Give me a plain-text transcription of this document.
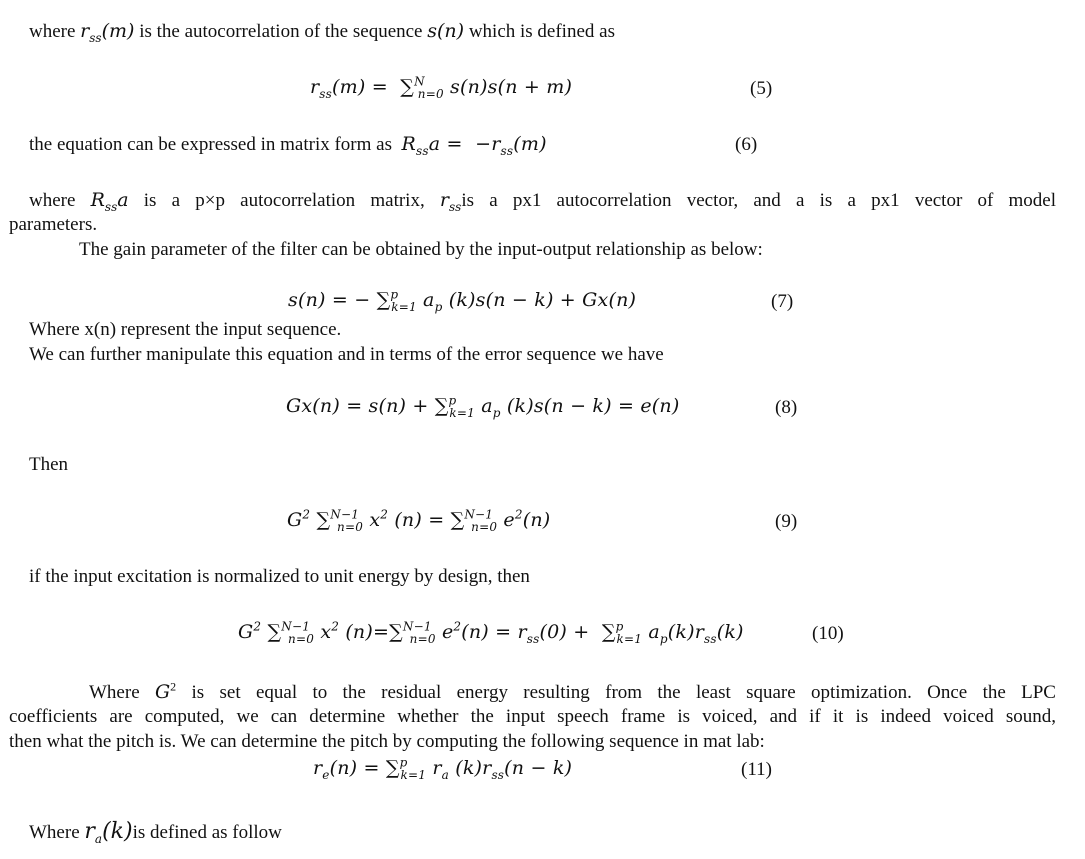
where $r_{ss}(m)$ is the autocorrelation of the sequence s(n) which is defined as
$r_{ss}(m) = \sum^N_{n=0}$ s(n)s(n + m)	(5)
the equation can be expressed in matrix form as $R_{ss}a = -r_{ss}(m)$	(6)
where $R_{ss}a$ is a p×p autocorrelation matrix, $r_{ss}is$ a px1 autocorrelation vector, and a is a px1 vector of model
parameters.
The gain parameter of the filter can be obtained by the input-output relationship as below:
s(n) = − ∑$^p_{k=1}$ $a_p$ (k)s(n − k) + Gx(n)	(7)
Where x(n) represent the input sequence.
We can further manipulate this equation and in terms of the error sequence we have
Gx(n) = s(n) + ∑$^p_{k=1}$ $a_p$ (k)s(n − k) = e(n)	(8)
Then
$G^2$ ∑$^{N-1}_{n=0}$ $x^2$ (n) = ∑$^{N-1}_{n=0}$ $e^2(n)$	(9)
if the input excitation is normalized to unit energy by design, then
$G^2$ ∑$^{N-1}_{n=0}$ $x^2$ (n)=∑$^{N-1}_{n=0}$ $e^2(n) = r_{ss}(0) + \sum^p_{k=1}$ $a_p(k)r_{ss}(k)$	(10)
Where $G^2$ is set equal to the residual energy resulting from the least square optimization. Once the LPC
coefficients are computed, we can determine whether the input speech frame is voiced, and if it is indeed voiced sound,
then what the pitch is. We can determine the pitch by computing the following sequence in mat lab:
$r_e(n) = \sum^p_{k=1}$ $r_a$ $(k)r_{ss}(n - k)$	(11)
Where $r_a(k)is$ defined as follow
